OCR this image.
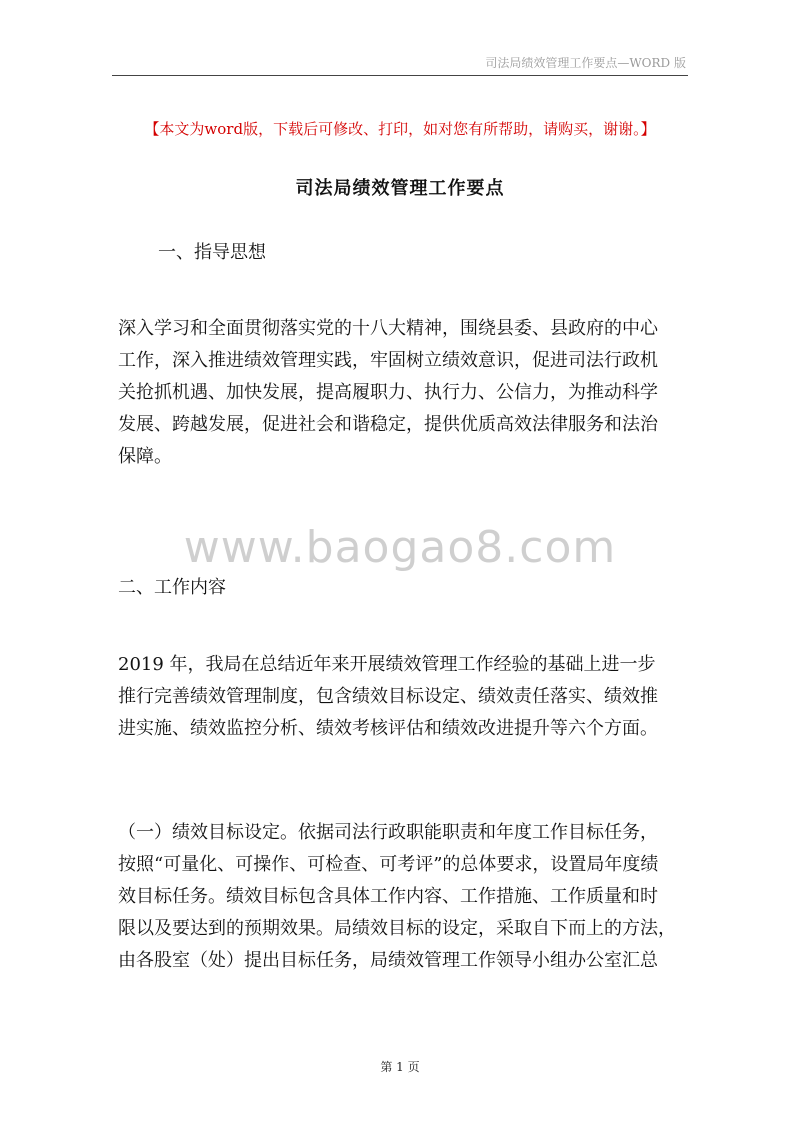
司法局绩效管理工作要点—WORD 版
【本文为word版，下载后可修改、打印，如对您有所帮助，请购买，谢谢。】
司法局绩效管理工作要点
一、指导思想

深入学习和全面贯彻落实党的十八大精神，围绕县委、县政府的中心
工作，深入推进绩效管理实践，牢固树立绩效意识，促进司法行政机
关抢抓机遇、加快发展，提高履职力、执行力、公信力，为推动科学
发展、跨越发展，促进社会和谐稳定，提供优质高效法律服务和法治
保障。

www.baogao8.com
二、工作内容

2019 年，我局在总结近年来开展绩效管理工作经验的基础上进一步
推行完善绩效管理制度，包含绩效目标设定、绩效责任落实、绩效推
进实施、绩效监控分析、绩效考核评估和绩效改进提升等六个方面。

（一）绩效目标设定。依据司法行政职能职责和年度工作目标任务，
按照“可量化、可操作、可检查、可考评”的总体要求，设置局年度绩
效目标任务。绩效目标包含具体工作内容、工作措施、工作质量和时
限以及要达到的预期效果。局绩效目标的设定，采取自下而上的方法，
由各股室（处）提出目标任务，局绩效管理工作领导小组办公室汇总

第 1 页
